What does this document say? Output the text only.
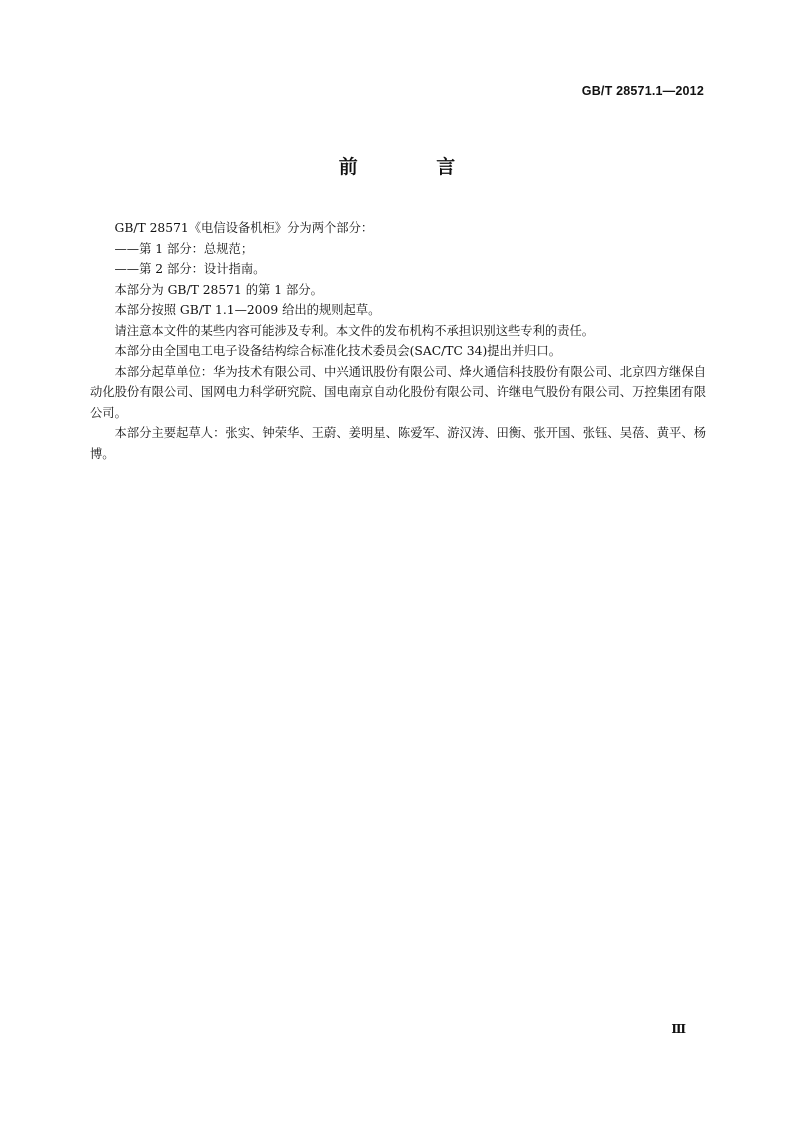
GB/T 28571.1—2012
前 言

GB/T 28571《电信设备机柜》分为两个部分：

——第 1 部分：总规范；

——第 2 部分：设计指南。

本部分为 GB/T 28571 的第 1 部分。

本部分按照 GB/T 1.1—2009 给出的规则起草。

请注意本文件的某些内容可能涉及专利。本文件的发布机构不承担识别这些专利的责任。

本部分由全国电工电子设备结构综合标准化技术委员会(SAC/TC 34)提出并归口。

本部分起草单位：华为技术有限公司、中兴通讯股份有限公司、烽火通信科技股份有限公司、北京四方继保自动化股份有限公司、国网电力科学研究院、国电南京自动化股份有限公司、许继电气股份有限公司、万控集团有限公司。

本部分主要起草人：张实、钟荣华、王蔚、姜明星、陈爱军、游汉涛、田衡、张开国、张钰、吴蓓、黄平、杨博。

Ⅲ
